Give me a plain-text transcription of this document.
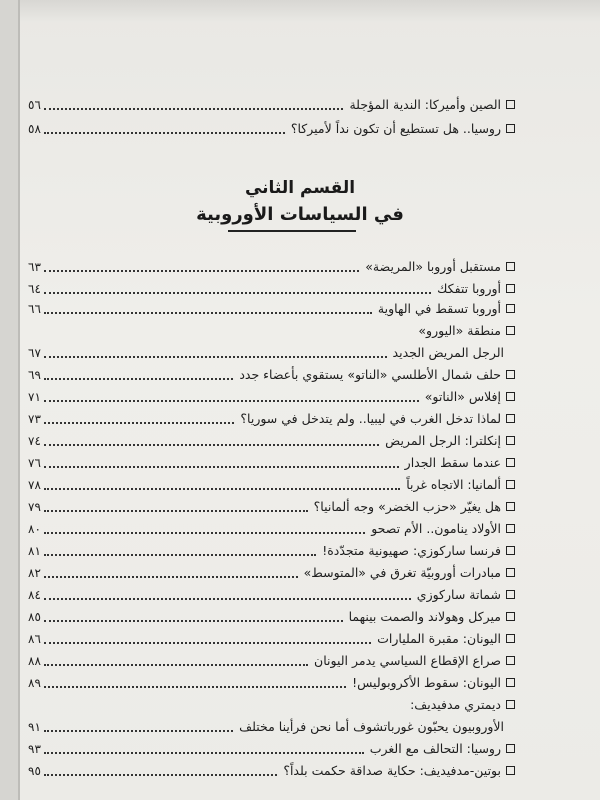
الصين وأميركا: الندية المؤجلة
٥٦
روسيا.. هل تستطيع أن تكون نداً لأميركا؟
٥٨
القسم الثاني
في السياسات الأوروبية
مستقبل أوروبا «المريضة»
٦٣
أوروبا تتفكك
٦٤
أوروبا تسقط في الهاوية
٦٦
منطقة «اليورو»
الرجل المريض الجديد
٦٧
حلف شمال الأطلسي «الناتو» يستقوي بأعضاء جدد
٦٩
إفلاس «الناتو»
٧١
لماذا تدخل الغرب في ليبيا.. ولم يتدخل في سوريا؟
٧٣
إنكلترا: الرجل المريض
٧٤
عندما سقط الجدار
٧٦
ألمانيا: الاتجاه غرباً
٧٨
هل يغيّر «حزب الخضر» وجه ألمانيا؟
٧٩
الأولاد ينامون.. الأم تصحو
٨٠
فرنسا ساركوزي: صهيونية متجدّدة!
٨١
مبادرات أوروبيّة تغرق في «المتوسط»
٨٢
شماتة ساركوزي
٨٤
ميركل وهولاند والصمت بينهما
٨٥
اليونان: مقبرة المليارات
٨٦
صراع الإقطاع السياسي يدمر اليونان
٨٨
اليونان: سقوط الأكروبوليس!
٨٩
ديمتري مدفيديف:
الأوروبيون يحبّون غورباتشوف أما نحن فرأينا مختلف
٩١
روسيا: التحالف مع الغرب
٩٣
بوتين-مدفيديف: حكاية صداقة حكمت بلداً؟
٩٥
